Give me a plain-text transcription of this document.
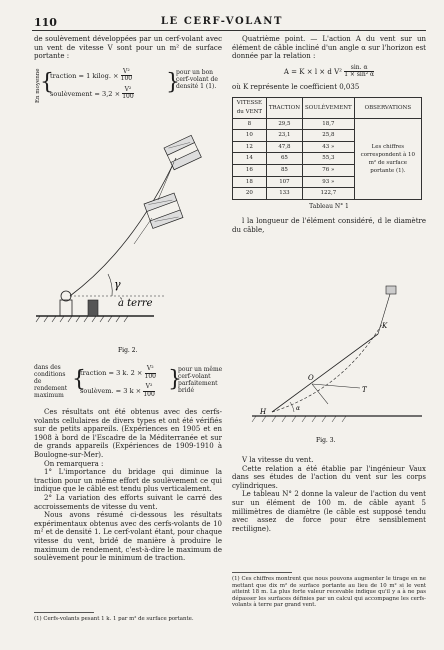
110	LE CERF-VOLANT

de soulèvement développées par un cerf-volant avec un vent de vitesse V sont pour un m² de surface portante :

En moyenne {
traction = 1 kilog. × $\frac{\text{V²}}{100}$
soulèvement = $3,2 \times \frac{\text{V²}}{100}$ }
pour un bon cerf-volant de densité 1 (1).
γ
à terre
Fig. 2.
dans des conditions de rendement maximum
{
traction = 3 k. $2 \times \frac{\text{V²}}{100}$
soulèvem. = 3 $k \times \frac{\text{V²}}{100}$ }
pour un même cerf-volant parfaitement bridé

Ces résultats ont été obtenus avec des cerfs-volants cellulaires de divers types et ont été vérifiés sur de petits appareils. (Expériences en 1905 et en 1908 à bord de l'Escadre de la Méditerranée et sur de grands appareils (Expériences de 1909-1910 à Boulogne-sur-Mer).

On remarquera :

1° L'importance du bridage qui diminue la traction pour un même effort de soulèvement ce qui indique que le câble est tendu plus verticalement.

2° La variation des efforts suivant le carré des accroissements de vitesse du vent.

Nous avons résumé ci-dessous les résultats expérimentaux obtenus avec des cerfs-volants de 10 m² et de densité 1. Le cerf-volant étant, pour chaque vitesse du vent, bridé de manière à produire le maximum de rendement, c'est-à-dire le maximum de soulèvement pour le minimum de traction.

(1) Cerfs-volants pesant 1 k. 1 par m² de surface portante.

Quatrième point. — L'action A du vent sur un élément de câble incliné d'un angle α sur l'horizon est donnée par la relation :

A = K × l × d $V^2 \frac{\sin. \alpha}{\text{1 × sin² α}}$

où K représente le coefficient 0,035

VITESSE du VENT	TRACTION	SOULÈVEMENT	OBSERVATIONS
8	29,5	18,7	Les chiffres correspondent à 10 m² de surface portante (1).
10	23,1	25,8	
12	47,8	43 »	
14	65	55,3	
16	85	76 »	
18	107	93 »	
20	133	122,7	
Tableau N° 1

l la longueur de l'élément considéré, d le diamètre du câble,

K
H
O
T
α
Fig. 3.

V la vitesse du vent.

Cette relation a été établie par l'ingénieur Vaux dans ses études de l'action du vent sur les corps cylindriques.

Le tableau N° 2 donne la valeur de l'action du vent sur un élément de 100 m. de câble ayant 5 millimètres de diamètre (le câble est supposé tendu avec assez de force pour être sensiblement rectiligne).

(1) Ces chiffres montrent que nous pouvons augmenter le tirage en ne mettant que dix m² de surface portante au lieu de 10 m² si le vent atteint 18 m. La plus forte valeur recevable indique qu'il y a à ne pas dépasser les surfaces définies par un calcul qui accompagne les cerfs-volants à terre par grand vent.
